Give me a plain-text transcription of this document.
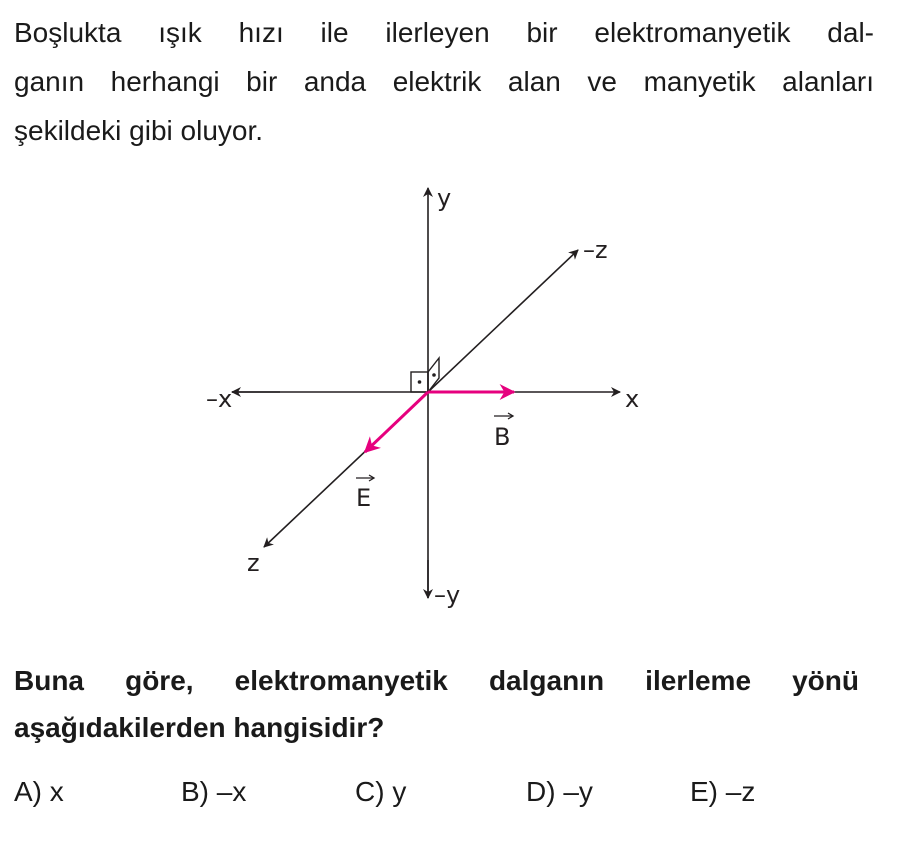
Boşlukta ışık hızı ile ilerleyen bir elektromanyetik dal-
ganın herhangi bir anda elektrik alan ve manyetik alanları
şekildeki gibi oluyor.
y
–y
x
–x
z
–z
B
E
Buna göre, elektromanyetik dalganın ilerleme yönü
aşağıdakilerden hangisidir?
A) x	B) –x	C) y	D) –y	E) –z
